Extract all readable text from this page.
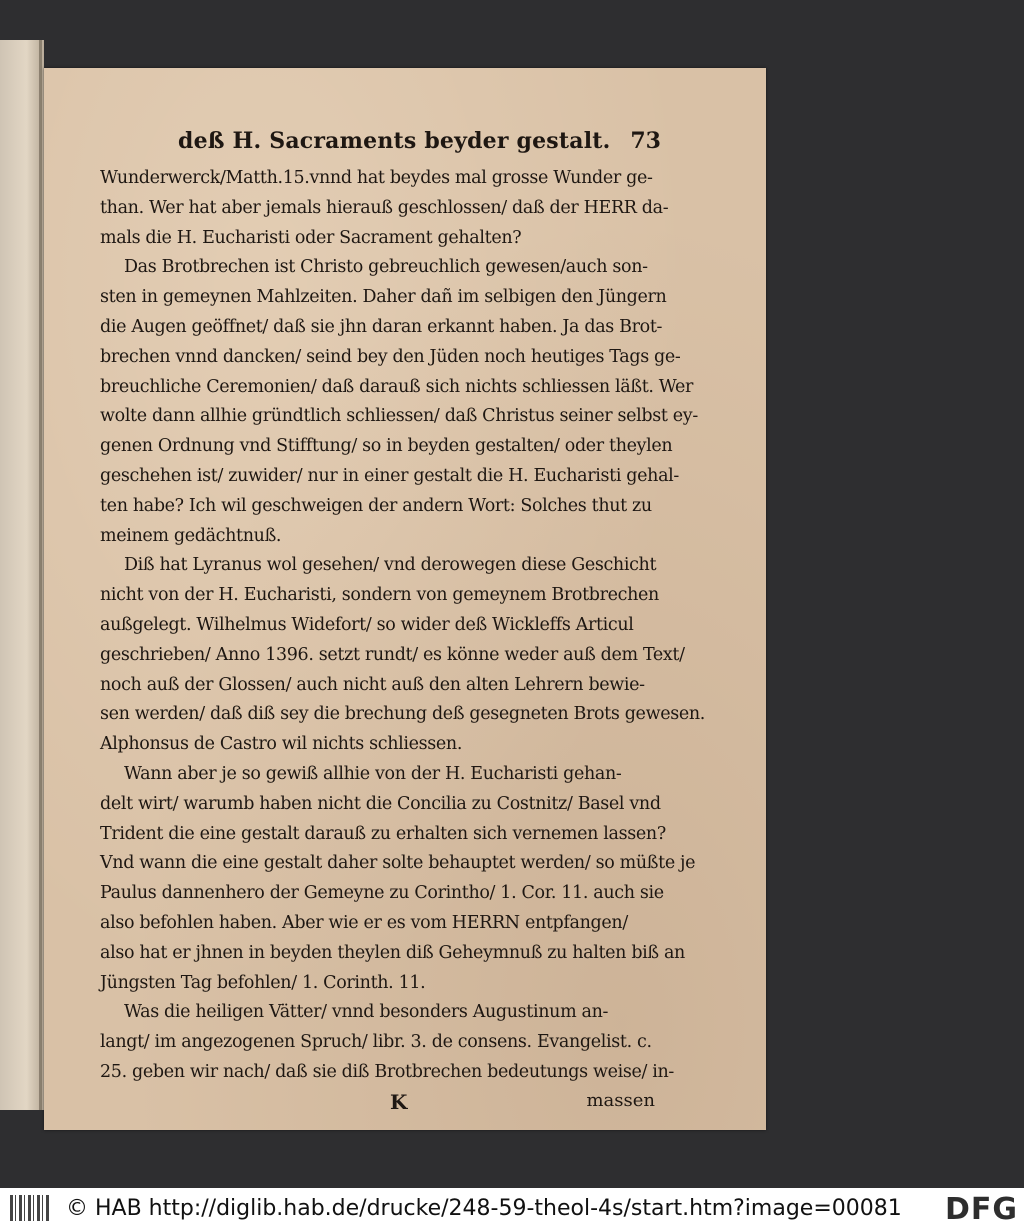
deß H. Sacraments beyder gestalt. 73
Wunderwerck/Matth.15.vnnd hat beydes mal grosse Wunder ge-
than. Wer hat aber jemals hierauß geschlossen/ daß der HERR da-
mals die H. Eucharisti oder Sacrament gehalten?
Das Brotbrechen ist Christo gebreuchlich gewesen/auch son-
sten in gemeynen Mahlzeiten. Daher dañ im selbigen den Jüngern
die Augen geöffnet/ daß sie jhn daran erkannt haben. Ja das Brot-
brechen vnnd dancken/ seind bey den Jüden noch heutiges Tags ge-
breuchliche Ceremonien/ daß darauß sich nichts schliessen läßt. Wer
wolte dann allhie gründtlich schliessen/ daß Christus seiner selbst ey-
genen Ordnung vnd Stifftung/ so in beyden gestalten/ oder theylen
geschehen ist/ zuwider/ nur in einer gestalt die H. Eucharisti gehal-
ten habe? Ich wil geschweigen der andern Wort: Solches thut zu
meinem gedächtnuß.
Diß hat Lyranus wol gesehen/ vnd derowegen diese Geschicht
nicht von der H. Eucharisti, sondern von gemeynem Brotbrechen
außgelegt. Wilhelmus Widefort/ so wider deß Wickleffs Articul
geschrieben/ Anno 1396. setzt rundt/ es könne weder auß dem Text/
noch auß der Glossen/ auch nicht auß den alten Lehrern bewie-
sen werden/ daß diß sey die brechung deß gesegneten Brots gewesen.
Alphonsus de Castro wil nichts schliessen.
Wann aber je so gewiß allhie von der H. Eucharisti gehan-
delt wirt/ warumb haben nicht die Concilia zu Costnitz/ Basel vnd
Trident die eine gestalt darauß zu erhalten sich vernemen lassen?
Vnd wann die eine gestalt daher solte behauptet werden/ so müßte je
Paulus dannenhero der Gemeyne zu Corintho/ 1. Cor. 11. auch sie
also befohlen haben. Aber wie er es vom HERRN entpfangen/
also hat er jhnen in beyden theylen diß Geheymnuß zu halten biß an
Jüngsten Tag befohlen/ 1. Corinth. 11.
Was die heiligen Vätter/ vnnd besonders Augustinum an-
langt/ im angezogenen Spruch/ libr. 3. de consens. Evangelist. c.
25. geben wir nach/ daß sie diß Brotbrechen bedeutungs weise/ in-
K	massen
© HAB http://diglib.hab.de/drucke/248-59-theol-4s/start.htm?image=00081 DFG
